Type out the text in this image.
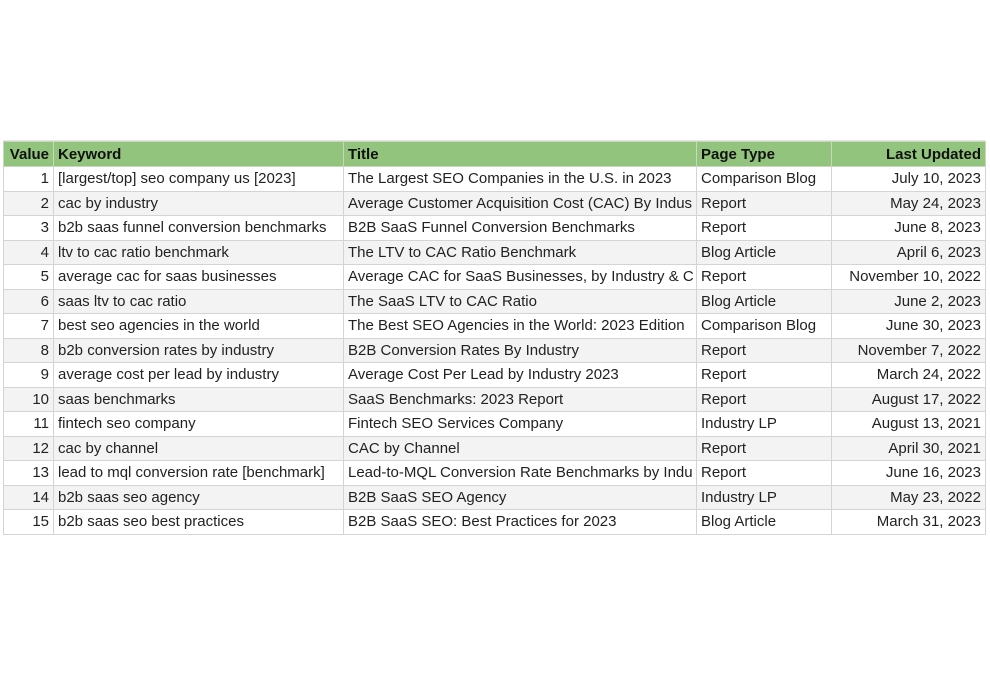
Value	Keyword	Title	Page Type	Last Updated
1	[largest/top] seo company us [2023]	The Largest SEO Companies in the U.S. in 2023	Comparison Blog	July 10, 2023
2	cac by industry	Average Customer Acquisition Cost (CAC) By Indus	Report	May 24, 2023
3	b2b saas funnel conversion benchmarks	B2B SaaS Funnel Conversion Benchmarks	Report	June 8, 2023
4	ltv to cac ratio benchmark	The LTV to CAC Ratio Benchmark	Blog Article	April 6, 2023
5	average cac for saas businesses	Average CAC for SaaS Businesses, by Industry & C	Report	November 10, 2022
6	saas ltv to cac ratio	The SaaS LTV to CAC Ratio	Blog Article	June 2, 2023
7	best seo agencies in the world	The Best SEO Agencies in the World: 2023 Edition	Comparison Blog	June 30, 2023
8	b2b conversion rates by industry	B2B Conversion Rates By Industry	Report	November 7, 2022
9	average cost per lead by industry	Average Cost Per Lead by Industry 2023	Report	March 24, 2022
10	saas benchmarks	SaaS Benchmarks: 2023 Report	Report	August 17, 2022
11	fintech seo company	Fintech SEO Services Company	Industry LP	August 13, 2021
12	cac by channel	CAC by Channel	Report	April 30, 2021
13	lead to mql conversion rate [benchmark]	Lead-to-MQL Conversion Rate Benchmarks by Indu	Report	June 16, 2023
14	b2b saas seo agency	B2B SaaS SEO Agency	Industry LP	May 23, 2022
15	b2b saas seo best practices	B2B SaaS SEO: Best Practices for 2023	Blog Article	March 31, 2023
